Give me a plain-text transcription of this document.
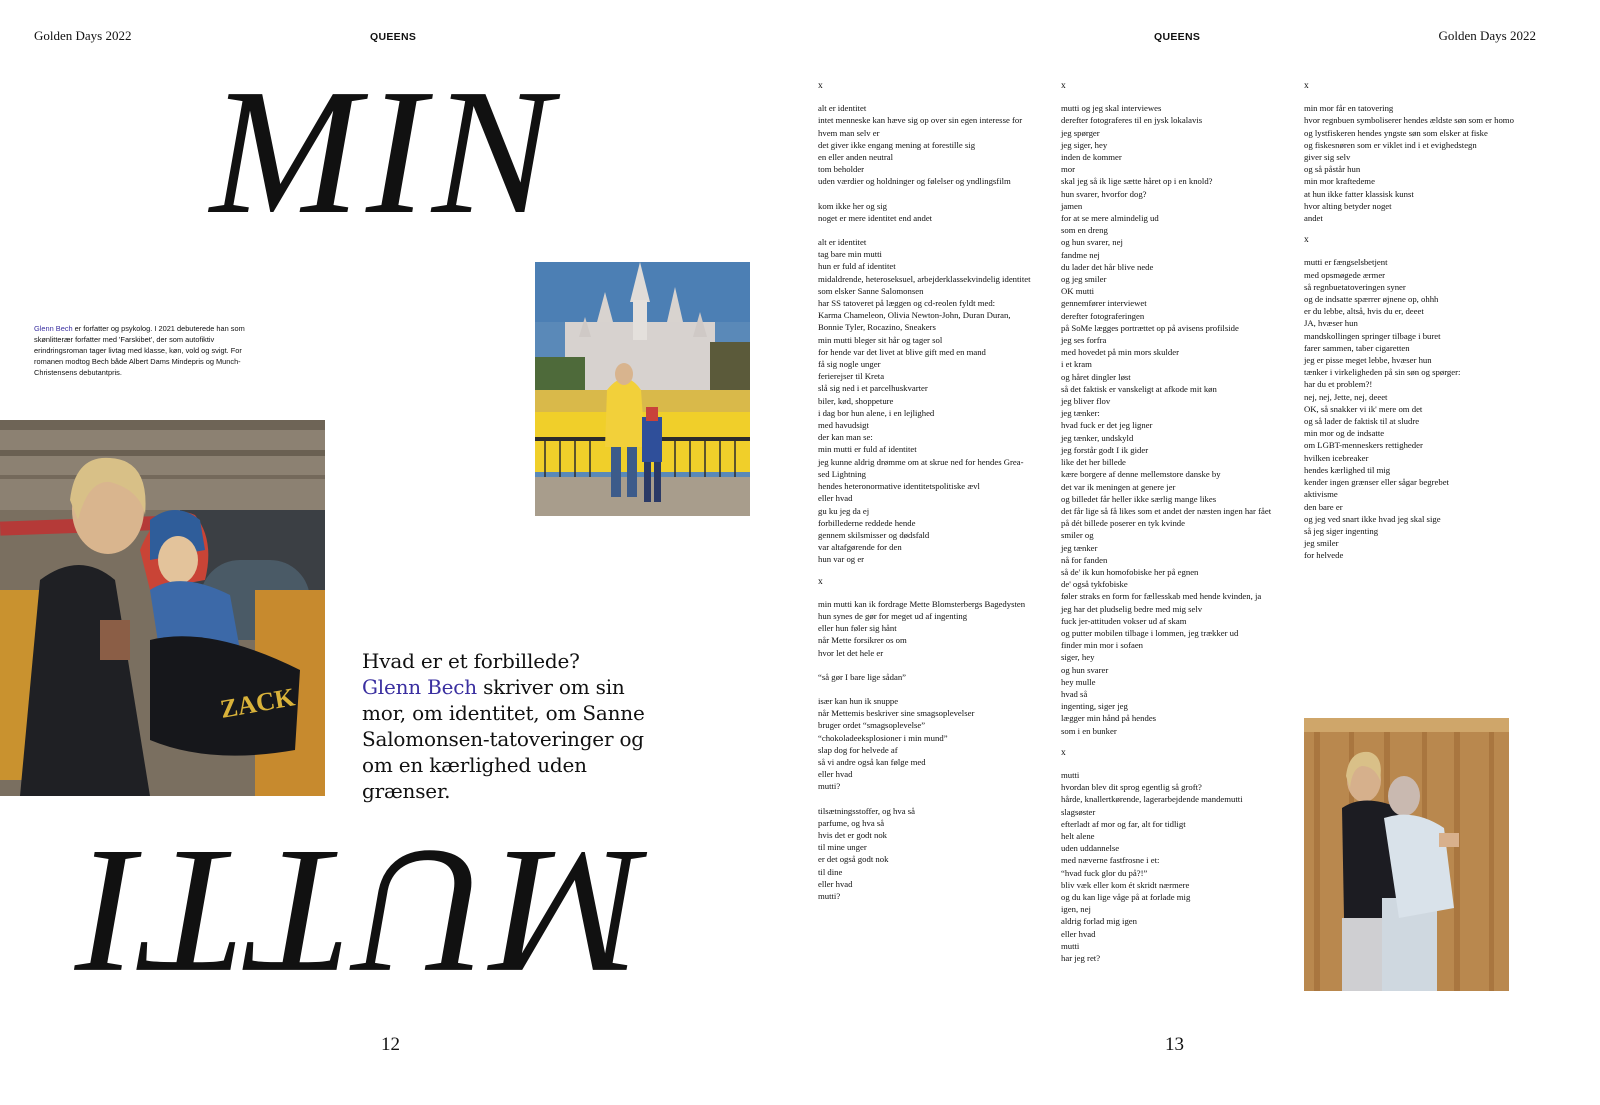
Golden Days 2022	QUEENS
MIN
Glenn Bech er forfatter og psykolog. I 2021 debuterede han som skønlitterær forfatter med 'Farskibet', der som autofiktiv erindringsroman tager livtag med klasse, køn, vold og svigt. For romanen modtog Bech både Albert Dams Mindepris og Munch-Christensens debutantpris.
ZACK
Hvad er et forbillede?
Glenn Bech skriver om sin mor, om identitet, om Sanne Salomonsen-tatoveringer og om en kærlighed uden grænser.
MUTTI
12
QUEENS	Golden Days 2022
x
alt er identitet
intet menneske kan hæve sig op over sin egen interesse for
hvem man selv er
det giver ikke engang mening at forestille sig
en eller anden neutral
tom beholder
uden værdier og holdninger og følelser og yndlingsfilm
kom ikke her og sig
noget er mere identitet end andet
alt er identitet
tag bare min mutti
hun er fuld af identitet
midaldrende, heteroseksuel, arbejderklassekvindelig identitet
som elsker Sanne Salomonsen
har SS tatoveret på læggen og cd-reolen fyldt med:
Karma Chameleon, Olivia Newton-John, Duran Duran,
Bonnie Tyler, Rocazino, Sneakers
min mutti bleger sit hår og tager sol
for hende var det livet at blive gift med en mand
få sig nogle unger
ferierejser til Kreta
slå sig ned i et parcelhuskvarter
biler, kød, shoppeture
i dag bor hun alene, i en lejlighed
med havudsigt
der kan man se:
min mutti er fuld af identitet
jeg kunne aldrig drømme om at skrue ned for hendes Grea-
sed Lightning
hendes heteronormative identitetspolitiske ævl
eller hvad
gu ku jeg da ej
forbillederne reddede hende
gennem skilsmisser og dødsfald
var altafgørende for den
hun var og er
x
min mutti kan ik fordrage Mette Blomsterbergs Bagedysten
hun synes de gør for meget ud af ingenting
eller hun føler sig hånt
når Mette forsikrer os om
hvor let det hele er
“så gør I bare lige sådan”
især kan hun ik snuppe
når Mettemis beskriver sine smagsoplevelser
bruger ordet “smagsoplevelse”
“chokoladeeksplosioner i min mund”
slap dog for helvede af
så vi andre også kan følge med
eller hvad
mutti?
tilsætningsstoffer, og hva så
parfume, og hva så
hvis det er godt nok
til mine unger
er det også godt nok
til dine
eller hvad
mutti?
x
mutti og jeg skal interviewes
derefter fotograferes til en jysk lokalavis
jeg spørger
jeg siger, hey
inden de kommer
mor
skal jeg så ik lige sætte håret op i en knold?
hun svarer, hvorfor dog?
jamen
for at se mere almindelig ud
som en dreng
og hun svarer, nej
fandme nej
du lader det hår blive nede
og jeg smiler
OK mutti
gennemfører interviewet
derefter fotograferingen
på SoMe lægges portrættet op på avisens profilside
jeg ses forfra
med hovedet på min mors skulder
i et kram
og håret dingler løst
så det faktisk er vanskeligt at afkode mit køn
jeg bliver flov
jeg tænker:
hvad fuck er det jeg ligner
jeg tænker, undskyld
jeg forstår godt I ik gider
like det her billede
kære borgere af denne mellemstore danske by
det var ik meningen at genere jer
og billedet får heller ikke særlig mange likes
det får lige så få likes som et andet der næsten ingen har fået
på dét billede poserer en tyk kvinde
smiler og
jeg tænker
nå for fanden
så de' ik kun homofobiske her på egnen
de' også tykfobiske
føler straks en form for fællesskab med hende kvinden, ja
jeg har det pludselig bedre med mig selv
fuck jer-attituden vokser ud af skam
og putter mobilen tilbage i lommen, jeg trækker ud
finder min mor i sofaen
siger, hey
og hun svarer
hey mulle
hvad så
ingenting, siger jeg
lægger min hånd på hendes
som i en bunker
x
mutti
hvordan blev dit sprog egentlig så groft?
hårde, knallertkørende, lagerarbejdende mandemutti
slagsøster
efterladt af mor og far, alt for tidligt
helt alene
uden uddannelse
med næverne fastfrosne i et:
“hvad fuck glor du på?!”
bliv væk eller kom ét skridt nærmere
og du kan lige våge på at forlade mig
igen, nej
aldrig forlad mig igen
eller hvad
mutti
har jeg ret?
x
min mor får en tatovering
hvor regnbuen symboliserer hendes ældste søn som er homo
og lystfiskeren hendes yngste søn som elsker at fiske
og fiskesnøren som er viklet ind i et evighedstegn
giver sig selv
og så påstår hun
min mor kraftedeme
at hun ikke fatter klassisk kunst
hvor alting betyder noget
andet
x
mutti er fængselsbetjent
med opsmøgede ærmer
så regnbuetatoveringen syner
og de indsatte spærrer øjnene op, ohhh
er du lebbe, altså, hvis du er, deeet
JA, hvæser hun
mandskollingen springer tilbage i buret
farer sammen, taber cigaretten
jeg er pisse meget lebbe, hvæser hun
tænker i virkeligheden på sin søn og spørger:
har du et problem?!
nej, nej, Jette, nej, deeet
OK, så snakker vi ik' mere om det
og så lader de faktisk til at sludre
min mor og de indsatte
om LGBT-menneskers rettigheder
hvilken icebreaker
hendes kærlighed til mig
kender ingen grænser eller sågar begrebet
aktivisme
den bare er
og jeg ved snart ikke hvad jeg skal sige
så jeg siger ingenting
jeg smiler
for helvede
13
